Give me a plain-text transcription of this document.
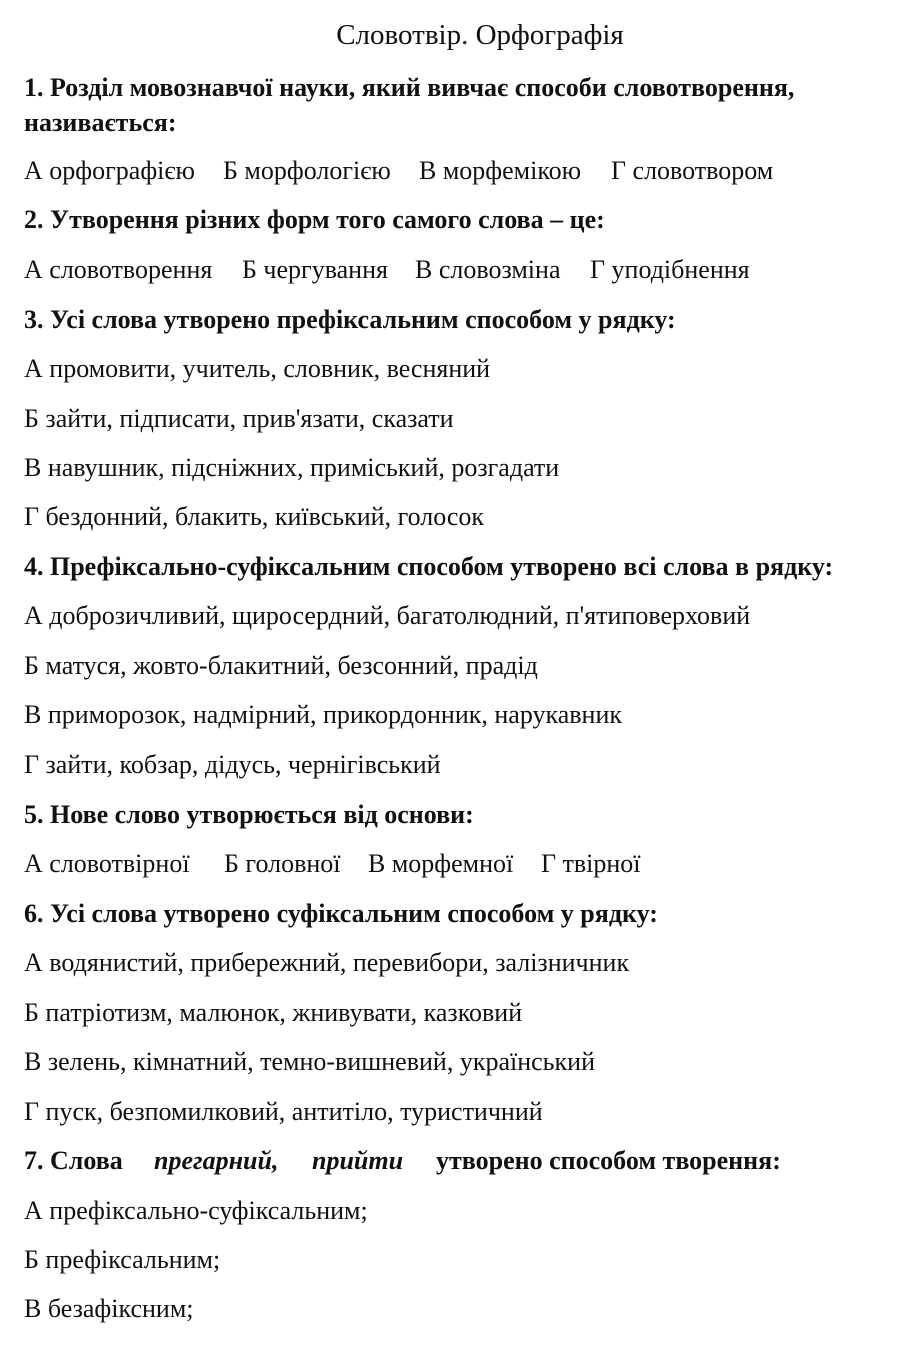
Словотвір. Орфографія
1. Розділ мовознавчої науки, який вивчає способи словотворення,
називається:
А орфографією	Б морфологією	В морфемікою	Г словотвором
2. Утворення різних форм того самого слова – це:
А словотворення	Б чергування	В словозміна	Г уподібнення
3. Усі слова утворено префіксальним способом у рядку:
А промовити, учитель, словник, весняний
Б зайти, підписати, прив'язати, сказати
В навушник, підсніжних, приміський, розгадати
Г бездонний, блакить, київський, голосок
4. Префіксально-суфіксальним способом утворено всі слова в рядку:
А доброзичливий, щиросердний, багатолюдний, п'ятиповерховий
Б матуся, жовто-блакитний, безсонний, прадід
В приморозок, надмірний, прикордонник, нарукавник
Г зайти, кобзар, дідусь, чернігівський
5. Нове слово утворюється від основи:
А словотвірної	Б головної	В морфемної	Г твірної
6. Усі слова утворено суфіксальним способом у рядку:
А водянистий, прибережний, перевибори, залізничник
Б патріотизм, малюнок, жнивувати, казковий
В зелень, кімнатний, темно-вишневий, український
Г пуск, безпомилковий, антитіло, туристичний
7. Слова	прегарний,	прийти	утворено способом творення:
А префіксально-суфіксальним;
Б префіксальним;
В безафіксним;
